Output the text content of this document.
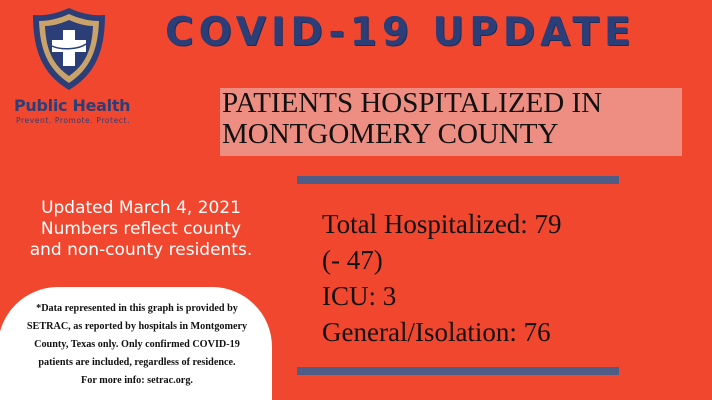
Public Health
Prevent. Promote. Protect.
COVID-19 UPDATE
PATIENTS HOSPITALIZED IN
MONTGOMERY COUNTY
Updated March 4, 2021
Numbers reflect county
and non-county residents.
Total Hospitalized: 79
(- 47)
ICU: 3
General/Isolation: 76
*Data represented in this graph is provided by
SETRAC, as reported by hospitals in Montgomery
County, Texas only. Only confirmed COVID-19
patients are included, regardless of residence.
For more info: setrac.org.
